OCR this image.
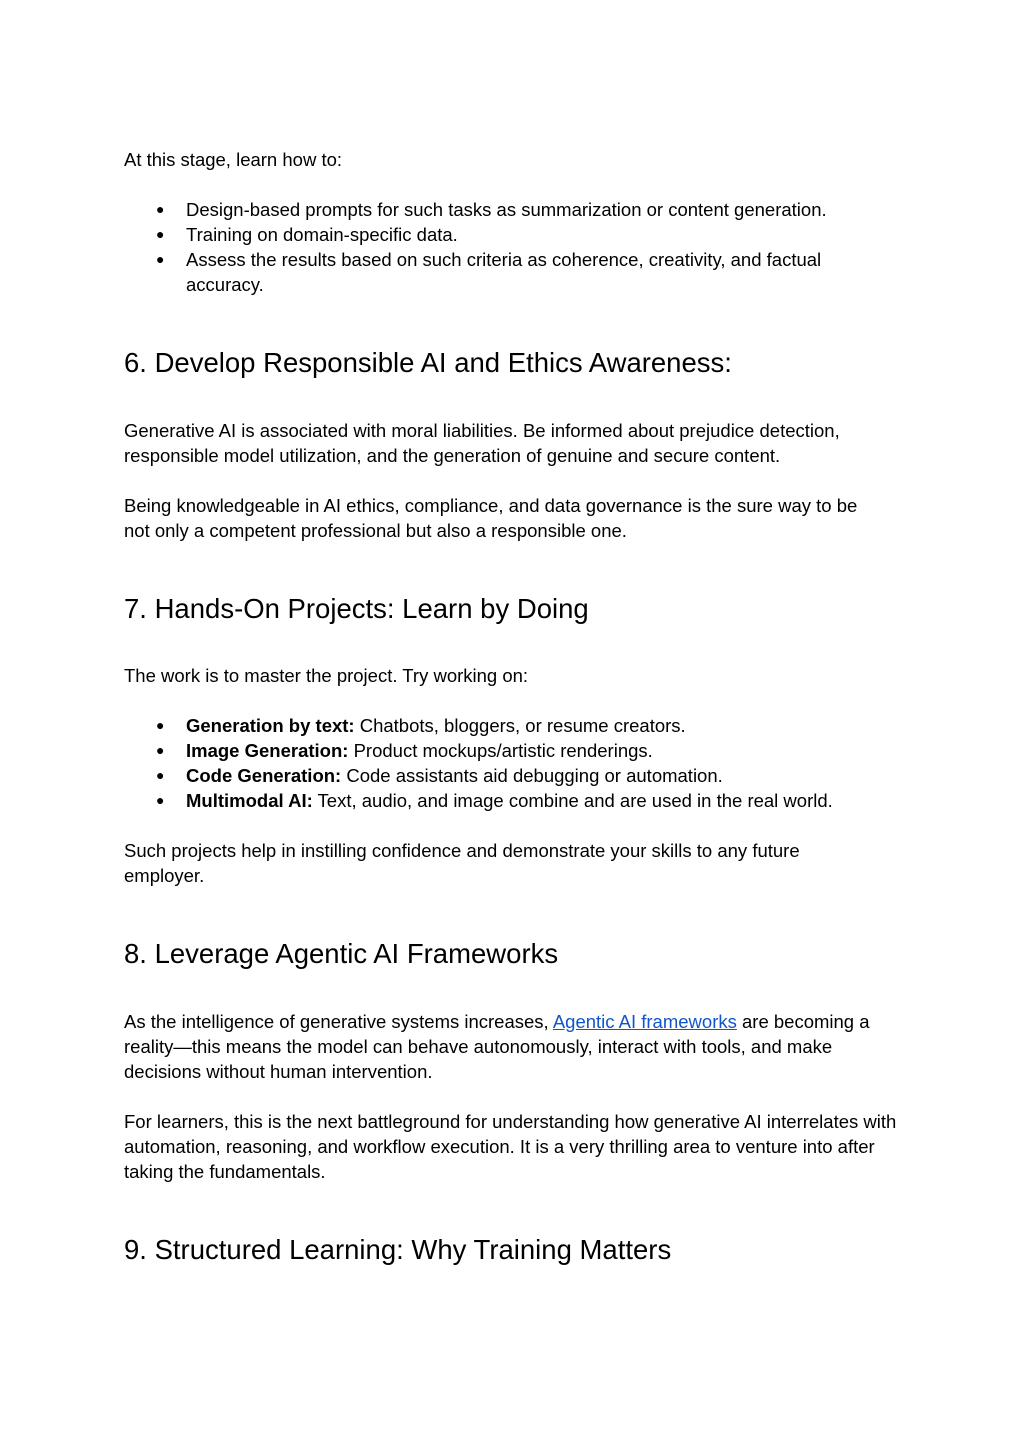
At this stage, learn how to:

● Design-based prompts for such tasks as summarization or content generation.
● Training on domain-specific data.
● Assess the results based on such criteria as coherence, creativity, and factual accuracy.
6. Develop Responsible AI and Ethics Awareness:

Generative AI is associated with moral liabilities. Be informed about prejudice detection, responsible model utilization, and the generation of genuine and secure content.

Being knowledgeable in AI ethics, compliance, and data governance is the sure way to be not only a competent professional but also a responsible one.

7. Hands-On Projects: Learn by Doing

The work is to master the project. Try working on:

● Generation by text: Chatbots, bloggers, or resume creators.
● Image Generation: Product mockups/artistic renderings.
● Code Generation: Code assistants aid debugging or automation.
● Multimodal AI: Text, audio, and image combine and are used in the real world.

Such projects help in instilling confidence and demonstrate your skills to any future employer.

8. Leverage Agentic AI Frameworks

As the intelligence of generative systems increases, Agentic AI frameworks are becoming a reality—this means the model can behave autonomously, interact with tools, and make decisions without human intervention.

For learners, this is the next battleground for understanding how generative AI interrelates with automation, reasoning, and workflow execution. It is a very thrilling area to venture into after taking the fundamentals.

9. Structured Learning: Why Training Matters
